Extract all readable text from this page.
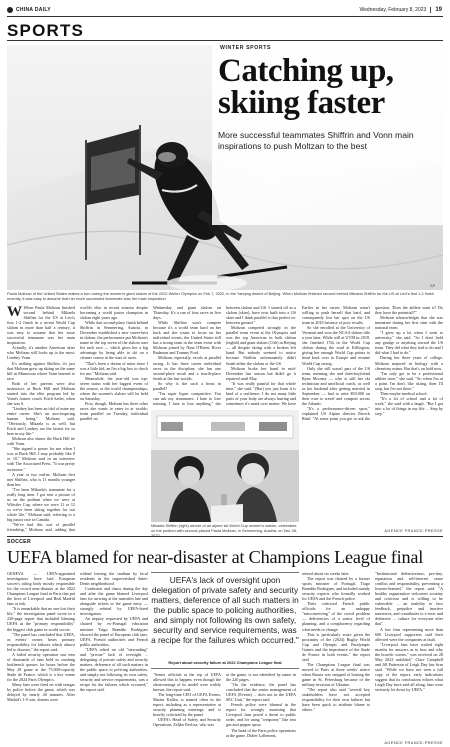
CHINA DAILY	Wednesday, February 8, 2023 19
SPORTS
WINTER SPORTS
Catching up, skiing faster
More successful teammates Shiffrin and Vonn main inspirations to push Moltzan to the best
AP
Paula Moltzan of the United States makes a turn during the women's giant slalom of the 2022 Winter Olympics on Feb 7, 2022, in the Yanqing district of Beijing. When Moltzan finished second behind Mikaela Shiffrin for the US at Levi's first 1-2 finish recently, it was easy to assume that her more successful teammate was her main inspiration.

W When Paula Moltzan finished second behind Mikaela Shiffrin for the US at Levi's first 1-2 finish in a recent World Cup slalom in more than half a century, it was easy to assume that her more successful teammate was her main inspiration.

Actually, it's another American skier who Moltzan still looks up to the most: Lindsey Vonn.

It's nothing against Shiffrin, it's just that Moltzan grew up skiing on the same hill in Minnesota where Vonn learned to race.

Both of her parents were also instructors at Buck Hill and Moltzan started into the elite program led by Vonn's former coach, Erich Sailer, when she was 6.

"Lindsey has been an idol of mine my entire career. She's an awe-inspiring human being," Moltzan said. "Obviously, Mikaela is as well, but Erich and Lindsey are the fastest for us here in my life."

Moltzan also shares the Buck Hill tie with Vonn.

"She signed a poster for me when I was at Buck Hill. I may probably like 8 or 10," Moltzan said in an interview with The Associated Press. "It was pretty awesome."

A year or two earlier, Moltzan first met Shiffrin, who is 11 months younger than her.

"I've been Mikaela's teammate for a really long time. I got sent a picture of us on the podium when we were at Whistler Cup, where we were 11 or 12 so we've been skiing together for our whole life," Moltzan said, referring to a big junior race in Canada.

"We've had this sort of parallel friendship," Moltzan said, adding that

world's elite in recent seasons despite becoming a world junior champion in slalom eight years ago.

While that second-place finish behind Shiffrin in Semmering, Austria, in December established a new career-best in slalom, the performance put Moltzan's name in the top seven of the slalom start list each race — which gives her a big advantage by being able to ski on a cleaner course at the start of races.

"That's been a dream of mine since I was a little kid, an I'm a big box to check for me," Moltzan said.

Meanwhile, the year-old was top-seven status with her biggest event of the season, at the world championships, where the women's slalom will be held on Saturday.

First, though, Moltzan has three other races she wants to enter in at worlds: team parallel on Tuesday, individual parallel on

Wednesday and giant slalom on Thursday. It's a run of four races in five days.

While Shiffrin won't compete because it's a world team hard on her back and she wants to focus on her individual events, the United States still has a strong team in the team event with Moltzan joined by Nina O'Brien, River Radamus and Tommy Ford.

Moltzan, especially, excels at parallel racing. It has three career individual races in the discipline, she has one second-place result and a fourth-place finish at the last worlds.

So why is she such a beast in parallel?

"I'm super hyper competitive. You can ask my teammates. I hate to lose training. I hate to lose anything," she

between slalom and GS. I started off as a slalom (skier), have now built into a GS skier and I think parallel is that perfect in-between ground."

Moltzan competed strongly in the parallel team event at the Olympics and was the top American in both slalom (eighth) and giant slalom (11th) in Beijing — all despite skiing with a broken left hand. But nobody seemed to notice because Shiffrin unfortunately didn't finish either the slalom or the GS.

Moltzan broke her hand in mid-December last season but didn't go it repaired until May.

"It was really painful for that whole time," she said. "(But) you just learn it is kind of a resilience. I do not many little parts of your body are always hurting and sometimes it's mind over matter. We have

Earlier in her career, Moltzan wasn't willing to push herself that hard, and consequently lost her spot on the US team in 2016 because of poor results.

So she enrolled at the University of Vermont and won the NCAA slalom title a year later. While still at UVM in 2018, she finished 17th in the World Cup slalom during the road at Killington, giving her enough World Cup points to head back over to Europe and resume World Cup racing.

Only she still wasn't part of the US team, meaning she and then-boyfriend Ryan Mooney — who is still her ski technician and unofficial coach, as well as her husband after getting married in September — had to raise $50,000 on their own to travel and compete across the Atlantic.

"It's a performance-driven sport," explained US Alpine director Patrick Riml. "At some point you got to ask the question, 'Does the athlete want it? Do they have the potential?'"

Moltzan acknowledges that she was immature during her first stint with the national team.

"I grew up a lot when I went to university," she said. "So I don't hold any grudge or anything toward the US team. They did what they had to do and I did what I had to do."

During her three years of college, Moltzan majored in biology with a chemistry minor. But that's on hold now.

"I'm only got to be a professional athlete once," she said. "So when I'm at a point I'm don't like skiing, then I'll stop, but I'm not there."

Then maybe medical school.

"It's a lot of school and a lot of work," she said with a laugh. "But I got into a lot of things in my life ... Step by step."

AGENCE FRANCE-PRESSE
Mikaela Shiffrin (right) winner of an alpine ski World Cup women's slalom, celebrates on the podium with second-placed Paula Moltzan, in Semmering, Austria, on Dec 28,
SOCCER
UEFA blamed for near-disaster at Champions League final

GENEVA — UEFA-appointed investigators have laid European soccer's ruling body mostly responsible for the crowd near-disaster at the 2022 Champions League final in Paris that put the lives of Liverpool and Real Madrid fans at risk.

"It is remarkable that no one lost their life," the investigation panel wrote in a 220-page report that included blaming UEFA as the "primary responsibility" the biggest club game in world soccer.

"The panel has concluded that UEFA, as events' owner, bears primary responsibility for failures which almost led to disaster," the report said.

A failed security operation saw tens of thousands of fans held in crushing bottleneck queues for hours before the May 28 game at the 75,000-capacity Stade de France, which is a key venue for the 2024 Paris Olympics.

Many fans were fired on with teargas by police before the game, which was delayed by nearly 40 minutes. After Madrid's 1-0 win, dozens were

robbed leaving the stadium by local residents in the impoverished Saint-Denis neighborhood.

Confusion and chaos during the day and after the game blamed Liverpool fans for arriving at the turnstiles late and alongside tickets to the game entry — strongly refuted by UEFA-hired investigators.

An inquiry requested by UEFA and chaired by ex-Portugal education minister Tiago Brandão Rodrigues showed the panel of European club fans, UEFA, French authorities and French public authorities.

"UEFA relied on old "stewarding" and "private" lack of oversight ... delegating of private safety and security matters, deference of all such matters in the public space to policing authorities, and simply not following its own safety, security and service requirements, was a recipe for the failures which occurred," the report said.

UEFA's lack of oversight upon delegation of private safety and security matters, deference of all such matters in the public space to policing authorities, and simply not following its own safety, security and service requirements, was a recipe for the failures which occurred."
Report about security failure at 2022 Champions League final

"Senior officials at the top of UEFA allowed this to happen, even though the shortcomings of its model were widely known, the report said.

The long-time CEO of UEFA Events, Martin Kallen, is named often in the report, including as a representative at security planning meetings, and is heavily criticized by the panel.

UEFA's Head of Safety and Security Operations, Zeljko Pavlica, who was

at the game, is not identified by name in the 220 pages.

"On the evidence, the panel has concluded that the senior management of UEFA (Events) ... does not in the UEFA SEC Unit," the report said.

French police were blamed in the report for wrongly assuming that Liverpool fans posed a threat to public order, and for using "weaponry" like tear gas and pepper spray.

The head of the Paris police operations at the game, Didier Lallement,

retired about six weeks later.

The report was chaired by a former sports minister of Portugal, Tiago Brandão Rodrigues, and included mainly security experts who formally worked for UEFA and the French police.

Their criticised French public officials for an unhappy "misconceiving" of the crowd problem — deficiencies of a senior level of planning, and a complacency regarding what needs to change.

This is particularly acute given the proximity of the (2024) Rugby World Cup and Olympic and Paralympic Games and the importance of the Stade de France in both events," the report said.

The Champions League final was moved to Paris at three weeks' notice when Russia was stripped of hosting the game in St. Petersburg because of the military invasion of Ukraine.

"The report also said "several key stakeholders have not accepted responsibility for their own failures but have been quick to attribute blame to others."

"Institutional defensiveness, pre-tiny, reputation and self-interest cause conflict and responsibility, preventing a lessons-learned," the report said. "A healthy organization welcomes scrutiny and criticism and is willing to be vulnerable ... an inability to face feedback, prejudice and inactive narratives, and contributes to a toxic and defensive ... culture for everyone after that"

A law firm representing more than 600 Liverpool supporters said their affected were the companies at fault.

"Liverpool fans have waited eight months for answers as to how and why the horrific scenes," was received on 28 May 2022 unfolded," Clare Campbell and Jill Patterson of Leigh Day law firm said. "While we have not seen a full copy of the report, early indications suggest that its conclusions echoes what Leigh Day have said all along, fans were seriously let down by UEFA."

AGENCE FRANCE-PRESSE
